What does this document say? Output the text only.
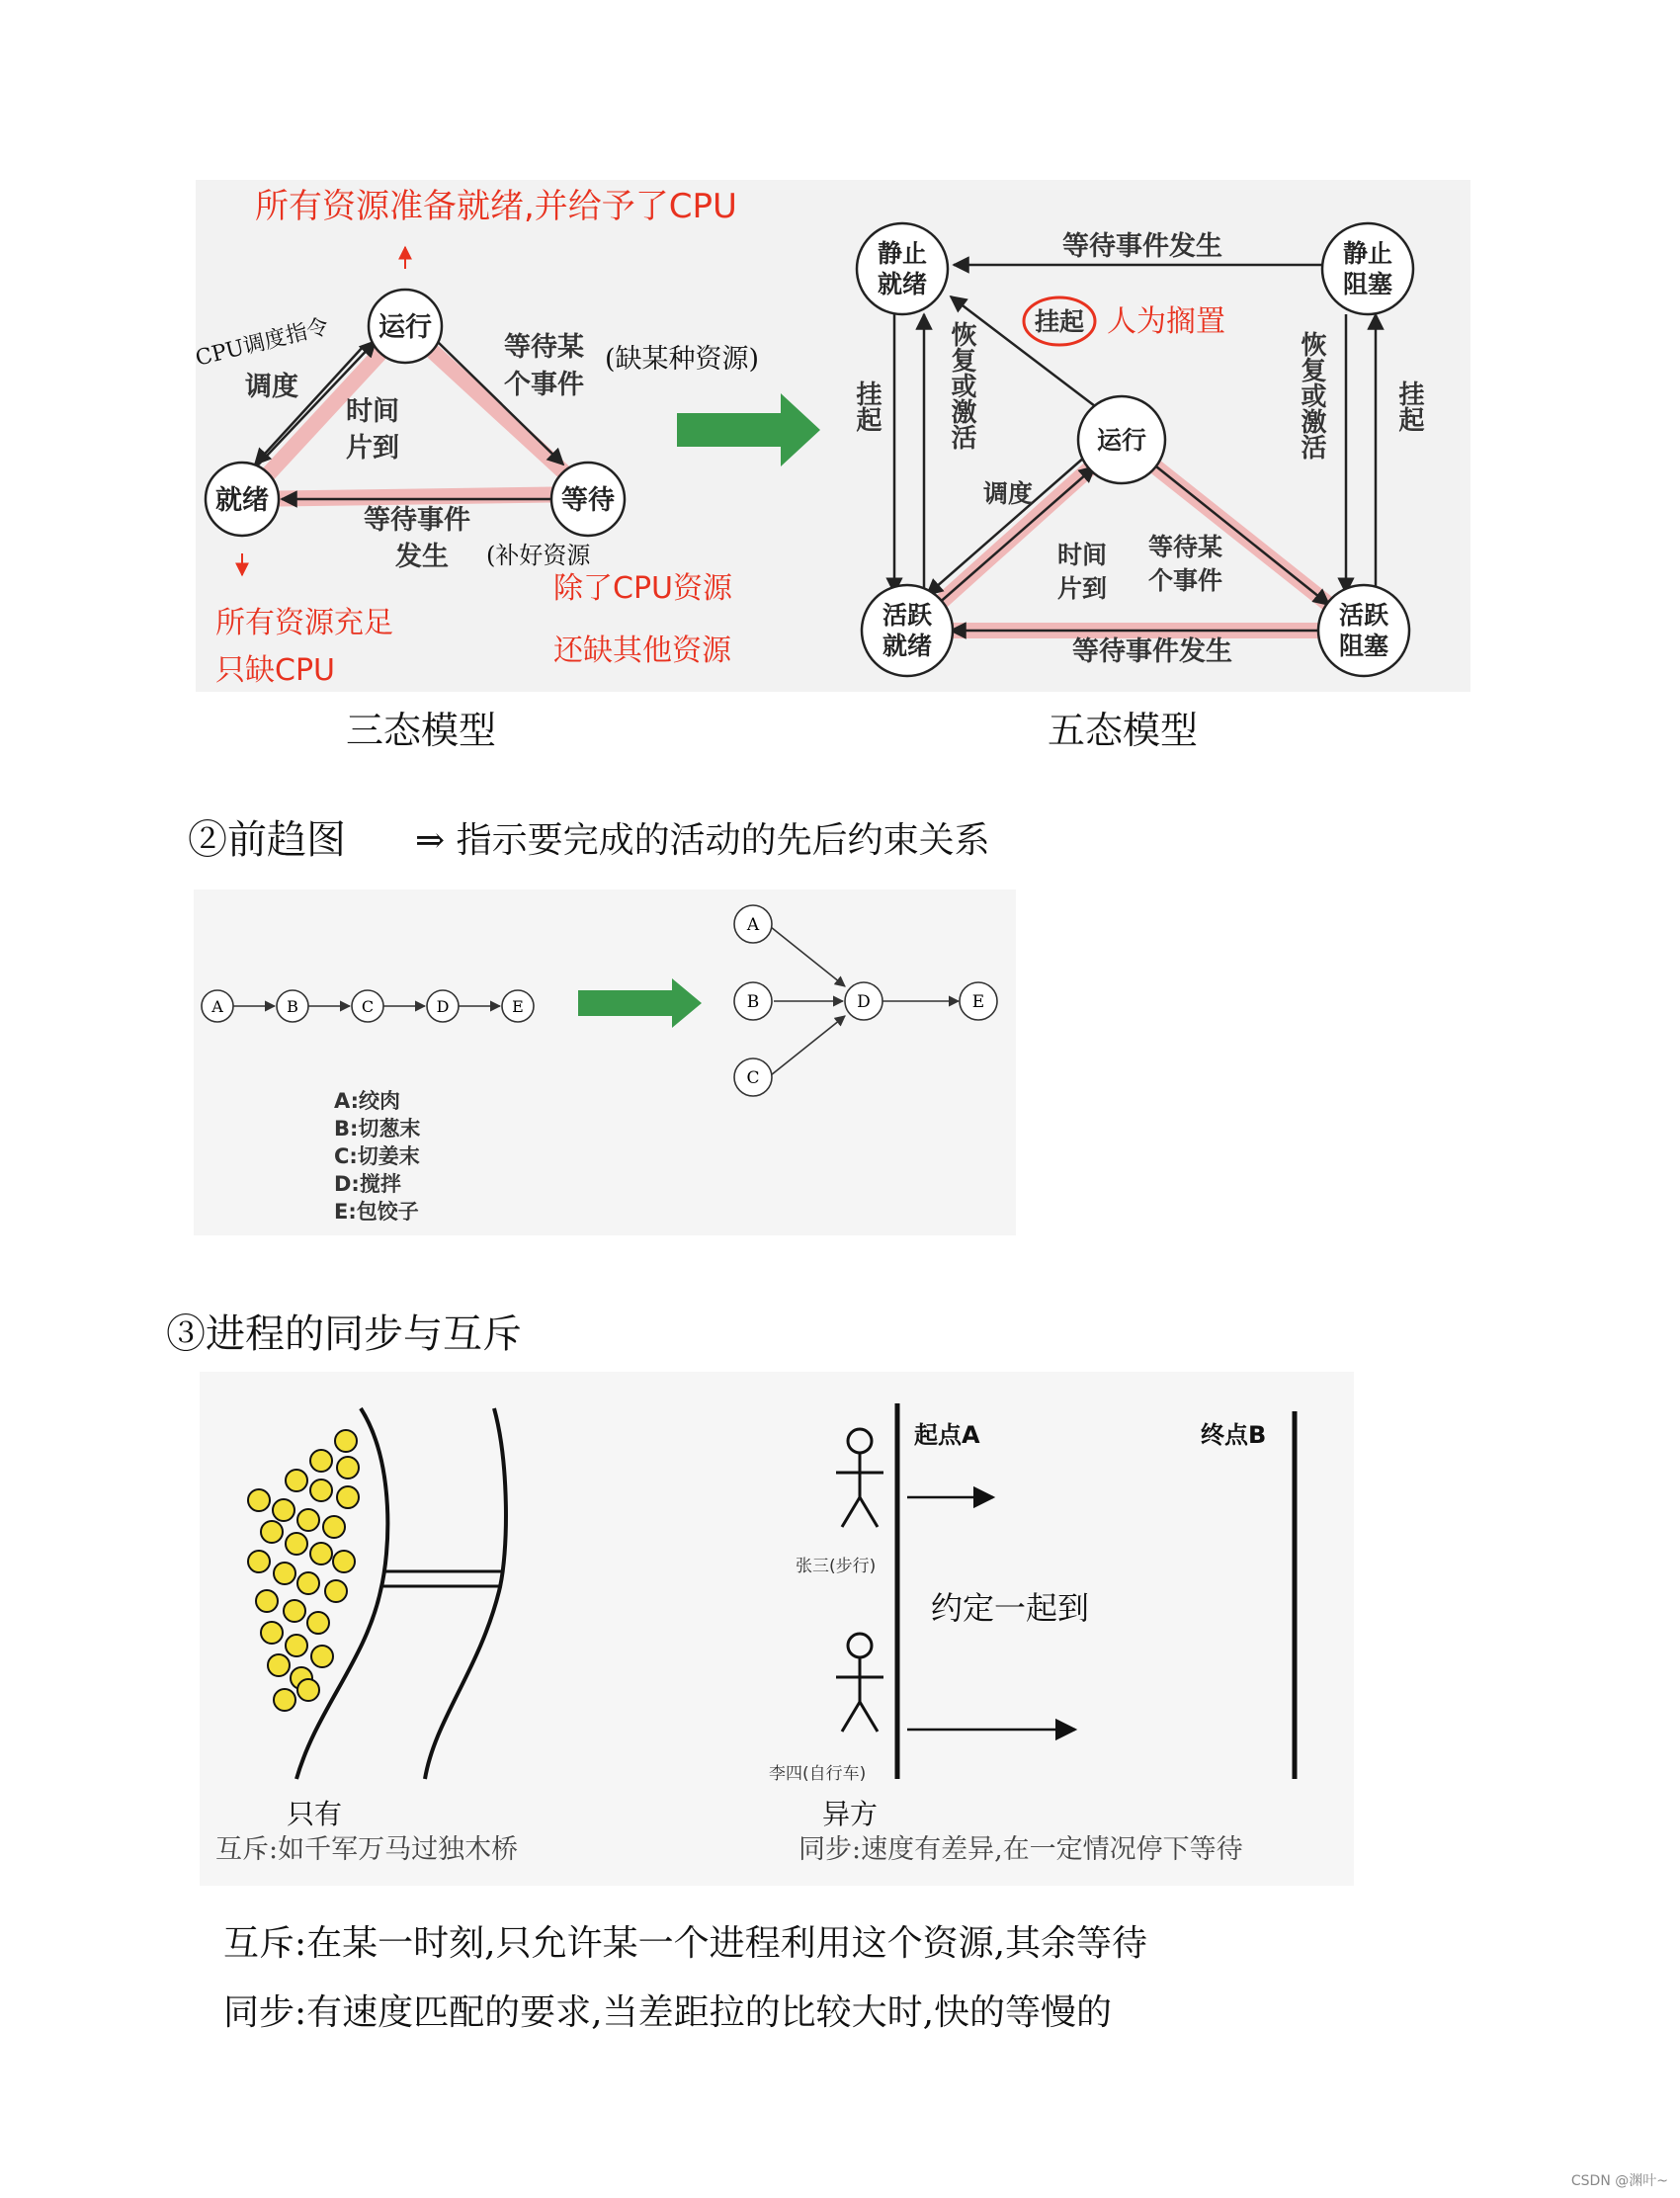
运行
就绪	等待
调度
时间
片到
等待某
个事件
等待事件
发生
所有资源准备就绪,并给予了CPU
CPU调度指令	(缺某种资源)
(补好资源
所有资源充足
只缺CPU
除了CPU资源
还缺其他资源
三态模型
静止
就绪
静止
阻塞
运行
活跃
就绪
活跃
阻塞
等待事件发生
挂起 人为搁置
挂起	恢复或激活	恢复或激活	挂起
调度
时间
片到
等待某
个事件
等待事件发生
五态模型
②前趋图 ⇒ 指示要完成的活动的先后约束关系
A	B	C	D	E
A
B
C
D	E
A:绞肉
B:切葱末
C:切姜末
D:搅拌
E:包饺子
③进程的同步与互斥
起点A	终点B
张三(步行)
李四(自行车)
约定一起到
只有	异方
互斥:如千军万马过独木桥	同步:速度有差异,在一定情况停下等待
互斥:在某一时刻,只允许某一个进程利用这个资源,其余等待
同步:有速度匹配的要求,当差距拉的比较大时,快的等慢的
CSDN @渊叶~
